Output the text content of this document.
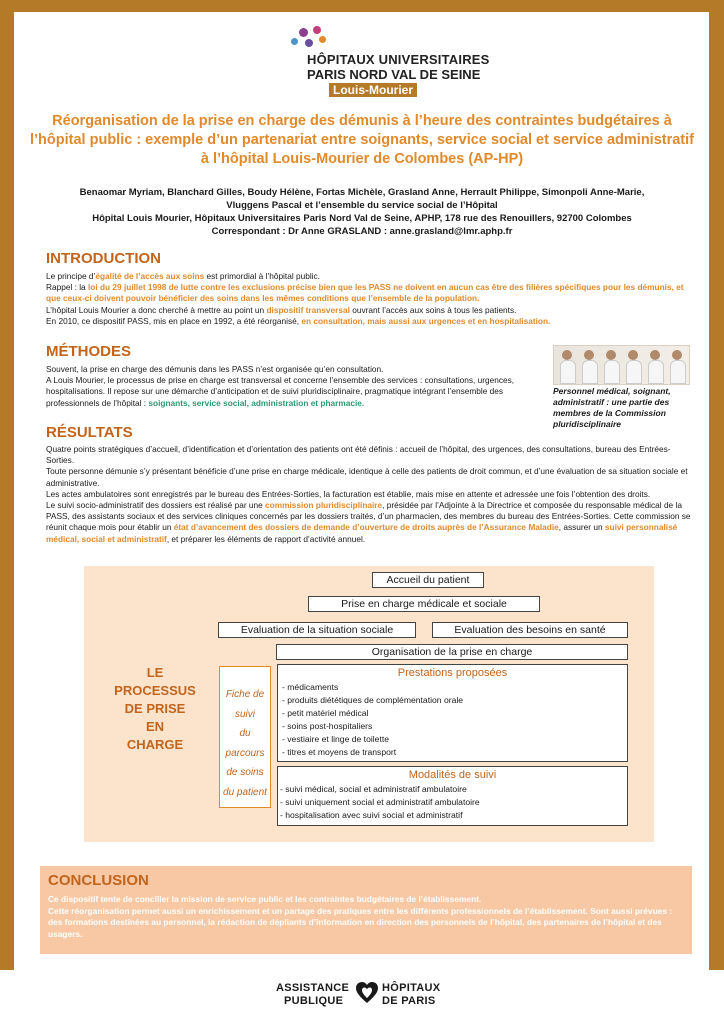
HÔPITAUX UNIVERSITAIRES
PARIS NORD VAL DE SEINE
Louis-Mourier
Réorganisation de la prise en charge des démunis à l’heure des contraintes budgétaires à l’hôpital public : exemple d’un partenariat entre soignants, service social et service administratif à l’hôpital Louis-Mourier de Colombes (AP-HP)
Benaomar Myriam, Blanchard Gilles, Boudy Hélène, Fortas Michèle, Grasland Anne, Herrault Philippe, Simonpoli Anne-Marie,
Vluggens Pascal et l’ensemble du service social de l’Hôpital
Hôpital Louis Mourier, Hôpitaux Universitaires Paris Nord Val de Seine, APHP, 178 rue des Renouillers, 92700 Colombes
Correspondant : Dr Anne GRASLAND : anne.grasland@lmr.aphp.fr
INTRODUCTION
Le principe d’égalité de l’accès aux soins est primordial à l’hôpital public.
Rappel : la loi du 29 juillet 1998 de lutte contre les exclusions précise bien que les PASS ne doivent en aucun cas être des filières spécifiques pour les démunis, et que ceux-ci doivent pouvoir bénéficier des soins dans les mêmes conditions que l’ensemble de la population.
L’hôpital Louis Mourier a donc cherché à mettre au point un dispositif transversal ouvrant l’accès aux soins à tous les patients.
En 2010, ce dispositif PASS, mis en place en 1992, a été réorganisé, en consultation, mais aussi aux urgences et en hospitalisation.
MÉTHODES
Souvent, la prise en charge des démunis dans les PASS n’est organisée qu’en consultation.
A Louis Mourier, le processus de prise en charge est transversal et concerne l’ensemble des services : consultations, urgences, hospitalisations. Il repose sur une démarche d’anticipation et de suivi pluridisciplinaire, pragmatique intégrant l’ensemble des professionnels de l’hôpital : soignants, service social, administration et pharmacie.
Personnel médical, soignant, administratif : une partie des membres de la Commission pluridisciplinaire
RÉSULTATS
Quatre points stratégiques d’accueil, d’identification et d’orientation des patients ont été définis : accueil de l’hôpital, des urgences, des consultations, bureau des Entrées-Sorties.
Toute personne démunie s’y présentant bénéficie d’une prise en charge médicale, identique à celle des patients de droit commun, et d’une évaluation de sa situation sociale et administrative.
Les actes ambulatoires sont enregistrés par le bureau des Entrées-Sorties, la facturation est établie, mais mise en attente et adressée une fois l’obtention des droits.
Le suivi socio-administratif des dossiers est réalisé par une commission pluridisciplinaire, présidée par l’Adjointe à la Directrice et composée du responsable médical de la PASS, des assistants sociaux et des services cliniques concernés par les dossiers traités, d’un pharmacien, des membres du bureau des Entrées-Sorties. Cette commission se réunit chaque mois pour établir un état d’avancement des dossiers de demande d’ouverture de droits auprès de l’Assurance Maladie, assurer un suivi personnalisé médical, social et administratif, et préparer les éléments de rapport d’activité annuel.
Accueil du patient
Prise en charge médicale et sociale
Evaluation de la situation sociale	Evaluation des besoins en santé
Organisation de la prise en charge
LE
PROCESSUS
DE PRISE
EN
CHARGE
Fiche de
suivi
du
parcours
de soins
du patient
Prestations proposées
- médicaments
- produits diététiques de complémentation orale
- petit matériel médical
- soins post-hospitaliers
- vestiaire et linge de toilette
- titres et moyens de transport
Modalités de suivi
- suivi médical, social et administratif ambulatoire
- suivi uniquement social et administratif ambulatoire
- hospitalisation avec suivi social et administratif
CONCLUSION

Ce dispositif tente de concilier la mission de service public et les contraintes budgétaires de l’établissement.
Cette réorganisation permet aussi un enrichissement et un partage des pratiques entre les différents professionnels de l’établissement. Sont aussi prévues : des formations destinées au personnel, la rédaction de dépliants d’information en direction des personnels de l’hôpital, des partenaires de l’hôpital et des usagers.

ASSISTANCE
PUBLIQUE
HÔPITAUX
DE PARIS
